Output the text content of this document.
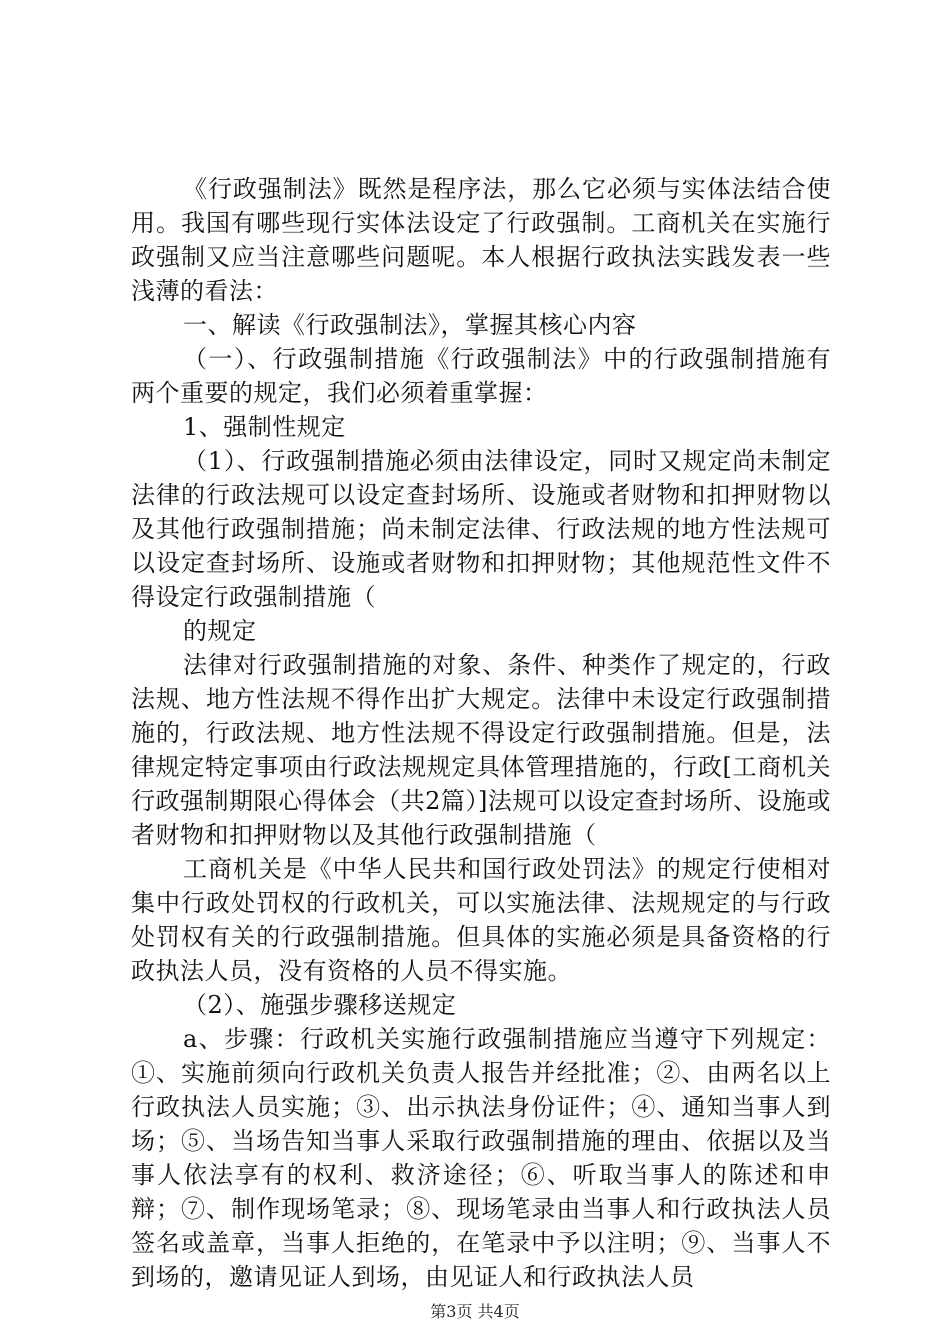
《行政强制法》既然是程序法，那么它必须与实体法结合使用。我国有哪些现行实体法设定了行政强制。工商机关在实施行政强制又应当注意哪些问题呢。本人根据行政执法实践发表一些浅薄的看法：

一、解读《行政强制法》，掌握其核心内容

（一）、行政强制措施《行政强制法》中的行政强制措施有两个重要的规定，我们必须着重掌握：

1、强制性规定

（1）、行政强制措施必须由法律设定，同时又规定尚未制定法律的行政法规可以设定查封场所、设施或者财物和扣押财物以及其他行政强制措施；尚未制定法律、行政法规的地方性法规可以设定查封场所、设施或者财物和扣押财物；其他规范性文件不得设定行政强制措施（

的规定

法律对行政强制措施的对象、条件、种类作了规定的，行政法规、地方性法规不得作出扩大规定。法律中未设定行政强制措施的，行政法规、地方性法规不得设定行政强制措施。但是，法律规定特定事项由行政法规规定具体管理措施的，行政[工商机关行政强制期限心得体会（共2篇）]法规可以设定查封场所、设施或者财物和扣押财物以及其他行政强制措施（

工商机关是《中华人民共和国行政处罚法》的规定行使相对集中行政处罚权的行政机关，可以实施法律、法规规定的与行政处罚权有关的行政强制措施。但具体的实施必须是具备资格的行政执法人员，没有资格的人员不得实施。

（2）、施强步骤移送规定

a、步骤：行政机关实施行政强制措施应当遵守下列规定：①、实施前须向行政机关负责人报告并经批准；②、由两名以上行政执法人员实施；③、出示执法身份证件；④、通知当事人到场；⑤、当场告知当事人采取行政强制措施的理由、依据以及当事人依法享有的权利、救济途径；⑥、听取当事人的陈述和申辩；⑦、制作现场笔录；⑧、现场笔录由当事人和行政执法人员签名或盖章，当事人拒绝的，在笔录中予以注明；⑨、当事人不到场的，邀请见证人到场，由见证人和行政执法人员

第3页 共4页
